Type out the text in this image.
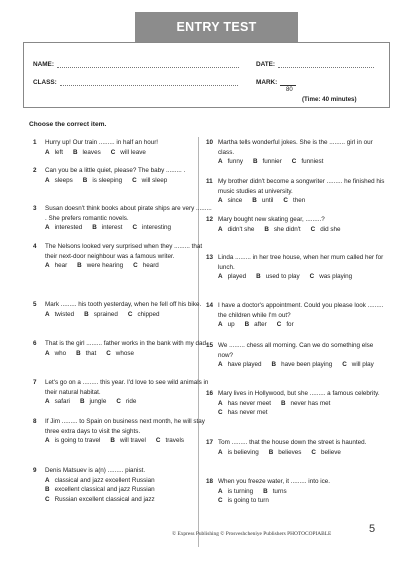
ENTRY TEST
NAME:	DATE:
CLASS:	MARK:
80
(Time: 40 minutes)
Choose the correct item.
1 Hurry up! Our train ......... in half an hour!
A left B leaves C will leave
2 Can you be a little quiet, please? The baby ......... .
A sleeps B is sleeping C will sleep
3 Susan doesn't think books about pirate ships are very ......... . She prefers romantic novels.
A interested B interest C interesting
4 The Nelsons looked very surprised when they ......... that their next-door neighbour was a famous writer.
A hear B were hearing C heard
5 Mark ......... his tooth yesterday, when he fell off his bike.
A twisted B sprained C chipped
6 That is the girl ......... father works in the bank with my dad.
A who B that C whose
7 Let's go on a ......... this year. I'd love to see wild animals in their natural habitat.
A safari B jungle C ride
8 If Jim ......... to Spain on business next month, he will stay three extra days to visit the sights.
A is going to travel B will travel C travels
9 Denis Matsuev is a(n) ......... pianist.
A classical and jazz excellent Russian
B excellent classical and jazz Russian
C Russian excellent classical and jazz
10 Martha tells wonderful jokes. She is the ......... girl in our class.
A funny B funnier C funniest
11 My brother didn't become a songwriter ......... he finished his music studies at university.
A since B until C then
12 Mary bought new skating gear, .........?
A didn't she B she didn't C did she
13 Linda ......... in her tree house, when her mum called her for lunch.
A played B used to play C was playing
14 I have a doctor's appointment. Could you please look ......... the children while I'm out?
A up B after C for
15 We ......... chess all morning. Can we do something else now?
A have played B have been playing C will play
16 Mary lives in Hollywood, but she ......... a famous celebrity.
A has never meet B never has met
C has never met
17 Tom ......... that the house down the street is haunted.
A is believing B believes C believe
18 When you freeze water, it ......... into ice.
A is turning B turns
C is going to turn
© Express Publishing © Prosveshcheniye Publishers PHOTOCOPIABLE	5
